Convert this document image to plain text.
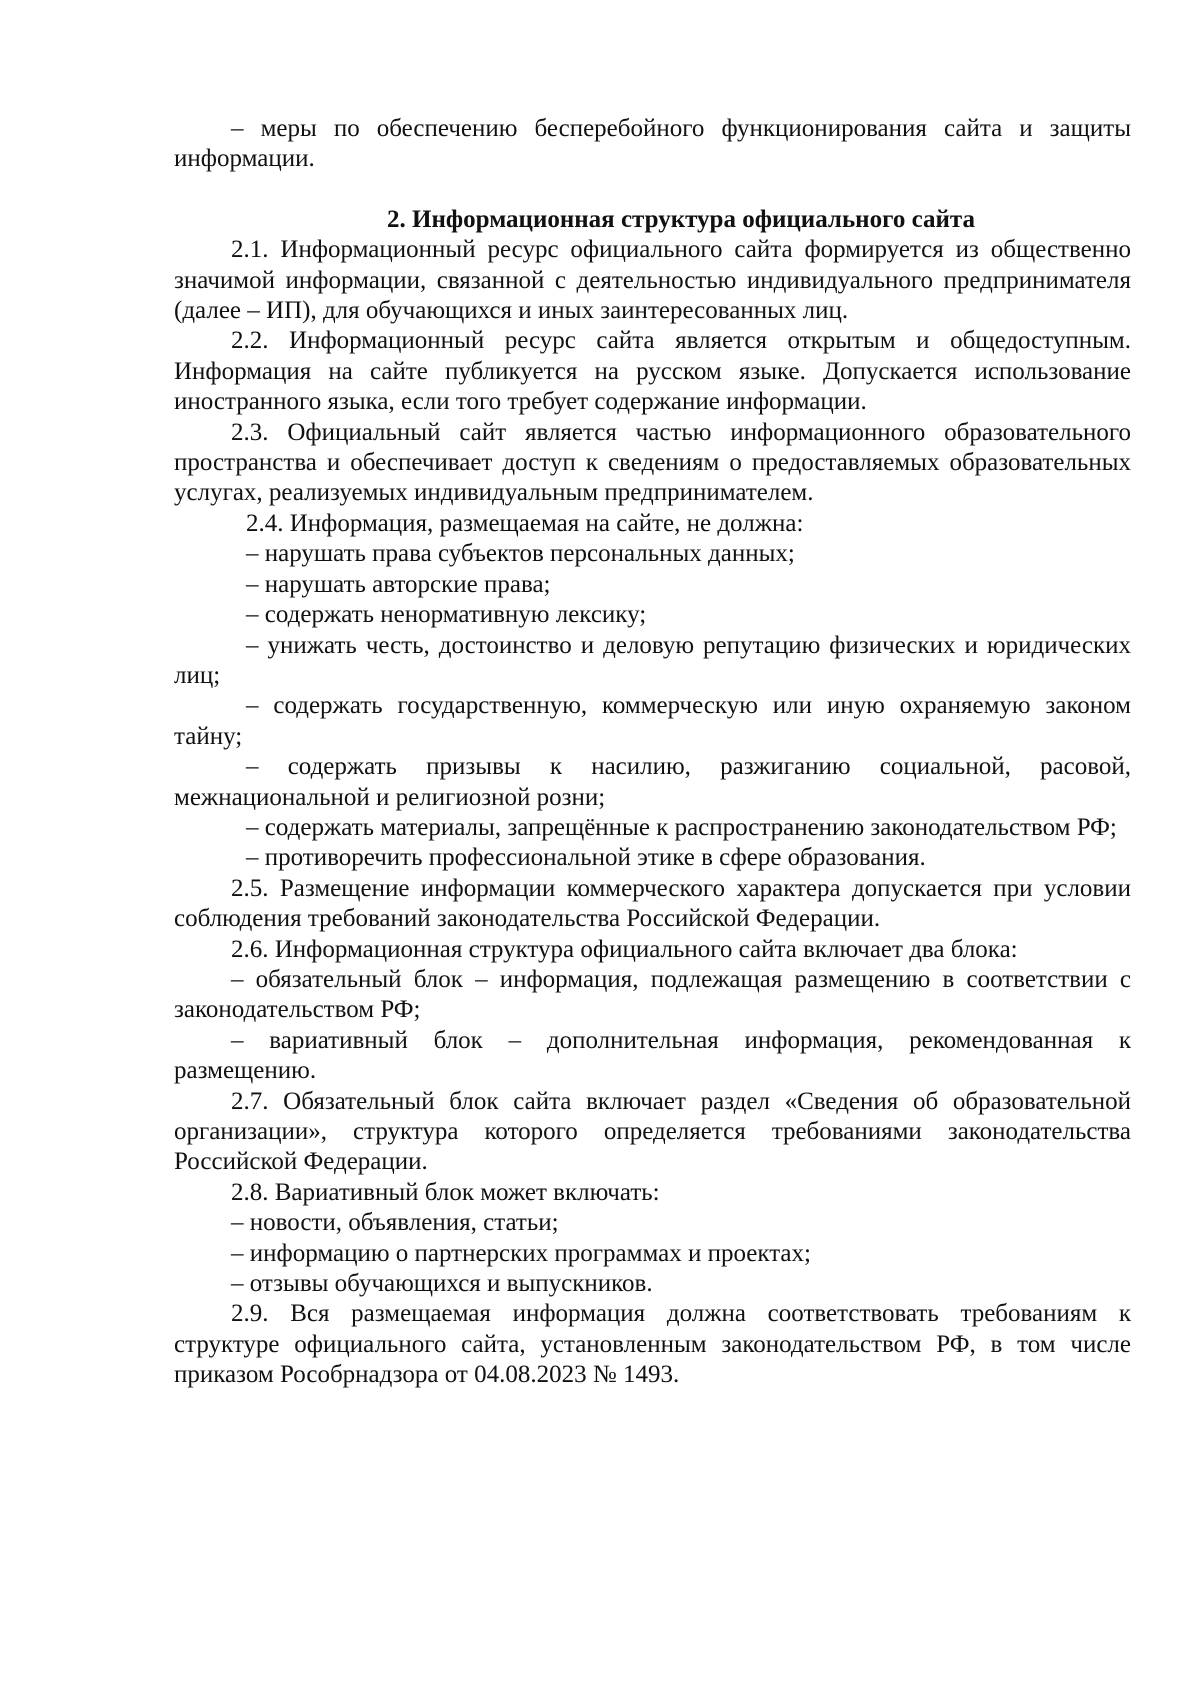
– меры по обеспечению бесперебойного функционирования сайта и защиты информации.

2. Информационная структура официального сайта

2.1. Информационный ресурс официального сайта формируется из общественно значимой информации, связанной с деятельностью индивидуального предпринимателя (далее – ИП), для обучающихся и иных заинтересованных лиц.

2.2. Информационный ресурс сайта является открытым и общедоступным. Информация на сайте публикуется на русском языке. Допускается использование иностранного языка, если того требует содержание информации.

2.3. Официальный сайт является частью информационного образовательного пространства и обеспечивает доступ к сведениям о предоставляемых образовательных услугах, реализуемых индивидуальным предпринимателем.

2.4. Информация, размещаемая на сайте, не должна:

– нарушать права субъектов персональных данных;

– нарушать авторские права;

– содержать ненормативную лексику;

– унижать честь, достоинство и деловую репутацию физических и юридических лиц;

– содержать государственную, коммерческую или иную охраняемую законом тайну;

– содержать призывы к насилию, разжиганию социальной, расовой, межнациональной и религиозной розни;

– содержать материалы, запрещённые к распространению законодательством РФ;

– противоречить профессиональной этике в сфере образования.

2.5. Размещение информации коммерческого характера допускается при условии соблюдения требований законодательства Российской Федерации.

2.6. Информационная структура официального сайта включает два блока:

– обязательный блок – информация, подлежащая размещению в соответствии с законодательством РФ;

– вариативный блок – дополнительная информация, рекомендованная к размещению.

2.7. Обязательный блок сайта включает раздел «Сведения об образовательной организации», структура которого определяется требованиями законодательства Российской Федерации.

2.8. Вариативный блок может включать:

– новости, объявления, статьи;

– информацию о партнерских программах и проектах;

– отзывы обучающихся и выпускников.

2.9. Вся размещаемая информация должна соответствовать требованиям к структуре официального сайта, установленным законодательством РФ, в том числе приказом Рособрнадзора от 04.08.2023 № 1493.
